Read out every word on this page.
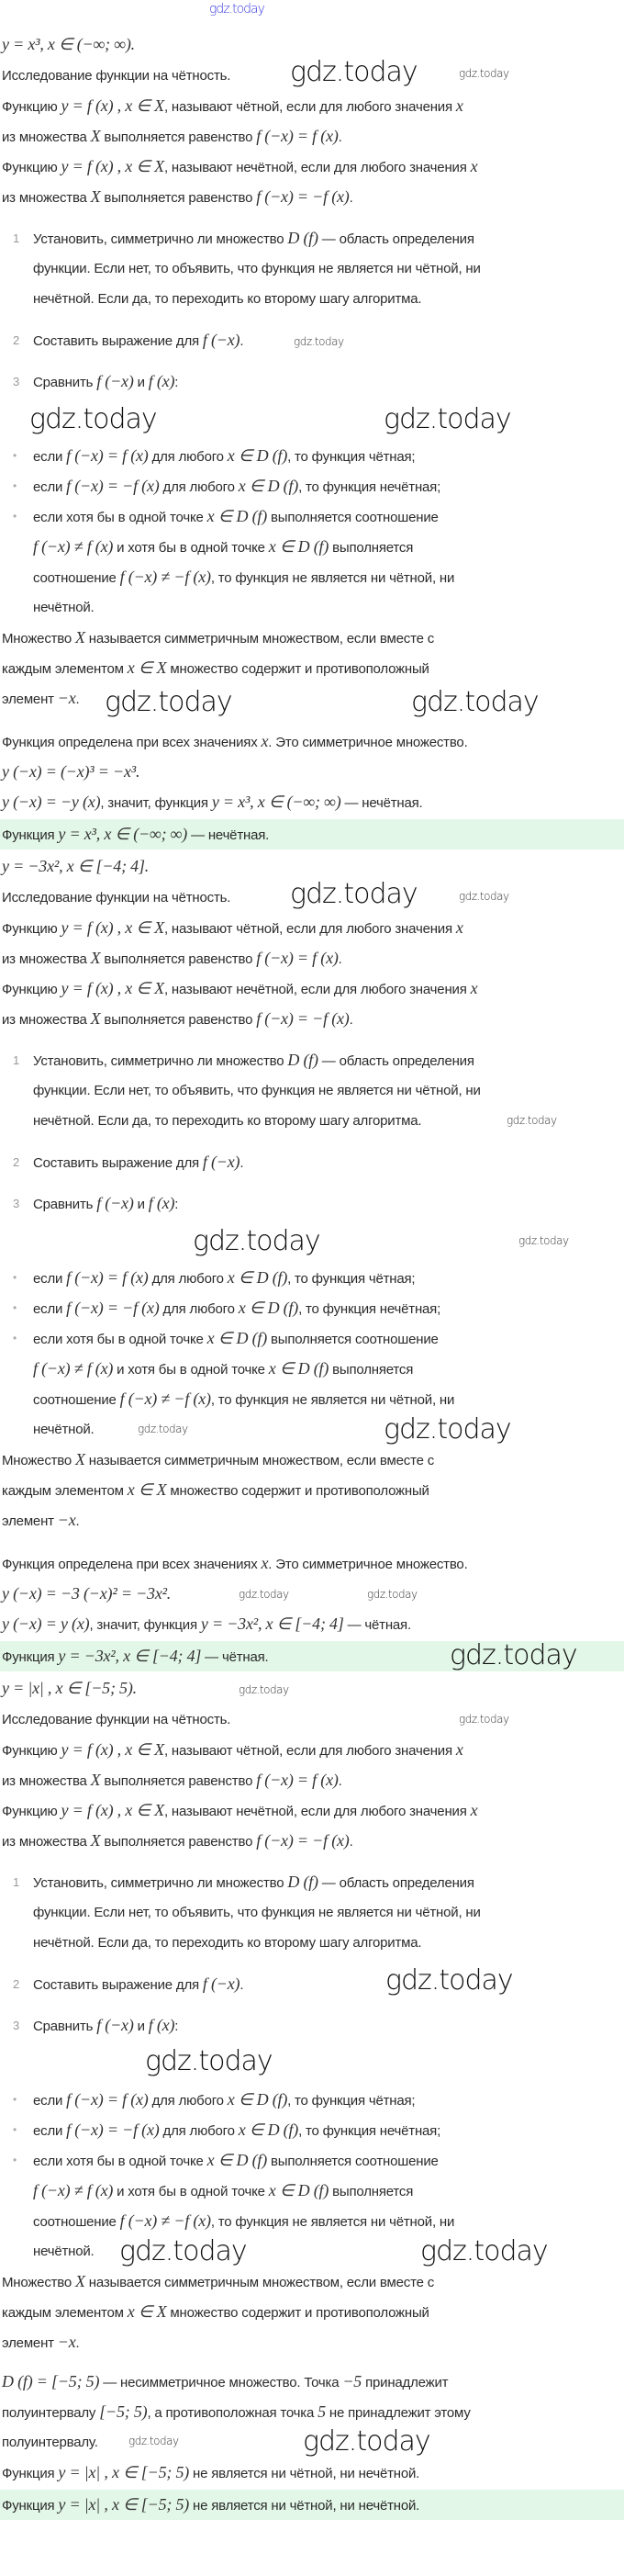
y = x³, x ∈ (−∞; ∞).
Исследование функции на чётность.
Функцию y = f (x) , x ∈ X, называют чётной, если для любого значения x
из множества X выполняется равенство f (−x) = f (x).
Функцию y = f (x) , x ∈ X, называют нечётной, если для любого значения x
из множества X выполняется равенство f (−x) = −f (x).
1 Установить, симметрично ли множество D (f) — область определения
функции. Если нет, то объявить, что функция не является ни чётной, ни
нечётной. Если да, то переходить ко второму шагу алгоритма.
2 Составить выражение для f (−x).
3 Сравнить f (−x) и f (x):
• если f (−x) = f (x) для любого x ∈ D (f), то функция чётная;
• если f (−x) = −f (x) для любого x ∈ D (f), то функция нечётная;
• если хотя бы в одной точке x ∈ D (f) выполняется соотношение
f (−x) ≠ f (x) и хотя бы в одной точке x ∈ D (f) выполняется
соотношение f (−x) ≠ −f (x), то функция не является ни чётной, ни
нечётной.
Множество X называется симметричным множеством, если вместе с
каждым элементом x ∈ X множество содержит и противоположный
элемент −x.
Функция определена при всех значениях x. Это симметричное множество.
y (−x) = (−x)³ = −x³.
y (−x) = −y (x), значит, функция y = x³, x ∈ (−∞; ∞) — нечётная.
Функция y = x³, x ∈ (−∞; ∞) — нечётная.
y = −3x², x ∈ [−4; 4].
Исследование функции на чётность.
Функцию y = f (x) , x ∈ X, называют чётной, если для любого значения x
из множества X выполняется равенство f (−x) = f (x).
Функцию y = f (x) , x ∈ X, называют нечётной, если для любого значения x
из множества X выполняется равенство f (−x) = −f (x).
1 Установить, симметрично ли множество D (f) — область определения
функции. Если нет, то объявить, что функция не является ни чётной, ни
нечётной. Если да, то переходить ко второму шагу алгоритма.
2 Составить выражение для f (−x).
3 Сравнить f (−x) и f (x):
• если f (−x) = f (x) для любого x ∈ D (f), то функция чётная;
• если f (−x) = −f (x) для любого x ∈ D (f), то функция нечётная;
• если хотя бы в одной точке x ∈ D (f) выполняется соотношение
f (−x) ≠ f (x) и хотя бы в одной точке x ∈ D (f) выполняется
соотношение f (−x) ≠ −f (x), то функция не является ни чётной, ни
нечётной.
Множество X называется симметричным множеством, если вместе с
каждым элементом x ∈ X множество содержит и противоположный
элемент −x.
Функция определена при всех значениях x. Это симметричное множество.
y (−x) = −3 (−x)² = −3x².
y (−x) = y (x), значит, функция y = −3x², x ∈ [−4; 4] — чётная.
Функция y = −3x², x ∈ [−4; 4] — чётная.
y = |x| , x ∈ [−5; 5).
Исследование функции на чётность.
Функцию y = f (x) , x ∈ X, называют чётной, если для любого значения x
из множества X выполняется равенство f (−x) = f (x).
Функцию y = f (x) , x ∈ X, называют нечётной, если для любого значения x
из множества X выполняется равенство f (−x) = −f (x).
1 Установить, симметрично ли множество D (f) — область определения
функции. Если нет, то объявить, что функция не является ни чётной, ни
нечётной. Если да, то переходить ко второму шагу алгоритма.
2 Составить выражение для f (−x).
3 Сравнить f (−x) и f (x):
• если f (−x) = f (x) для любого x ∈ D (f), то функция чётная;
• если f (−x) = −f (x) для любого x ∈ D (f), то функция нечётная;
• если хотя бы в одной точке x ∈ D (f) выполняется соотношение
f (−x) ≠ f (x) и хотя бы в одной точке x ∈ D (f) выполняется
соотношение f (−x) ≠ −f (x), то функция не является ни чётной, ни
нечётной.
Множество X называется симметричным множеством, если вместе с
каждым элементом x ∈ X множество содержит и противоположный
элемент −x.
D (f) = [−5; 5) — несимметричное множество. Точка −5 принадлежит
полуинтервалу [−5; 5), а противоположная точка 5 не принадлежит этому
полуинтервалу.
Функция y = |x| , x ∈ [−5; 5) не является ни чётной, ни нечётной.
Функция y = |x| , x ∈ [−5; 5) не является ни чётной, ни нечётной.
gdz.today
gdz.today	gdz.today
gdz.today
gdz.today	gdz.today
gdz.today	gdz.today
gdz.today	gdz.today
gdz.today
gdz.today
gdz.today
gdz.today	gdz.today
gdz.today	gdz.today
gdz.today
gdz.today
gdz.today
gdz.today
gdz.today
gdz.today	gdz.today
gdz.today	gdz.today
